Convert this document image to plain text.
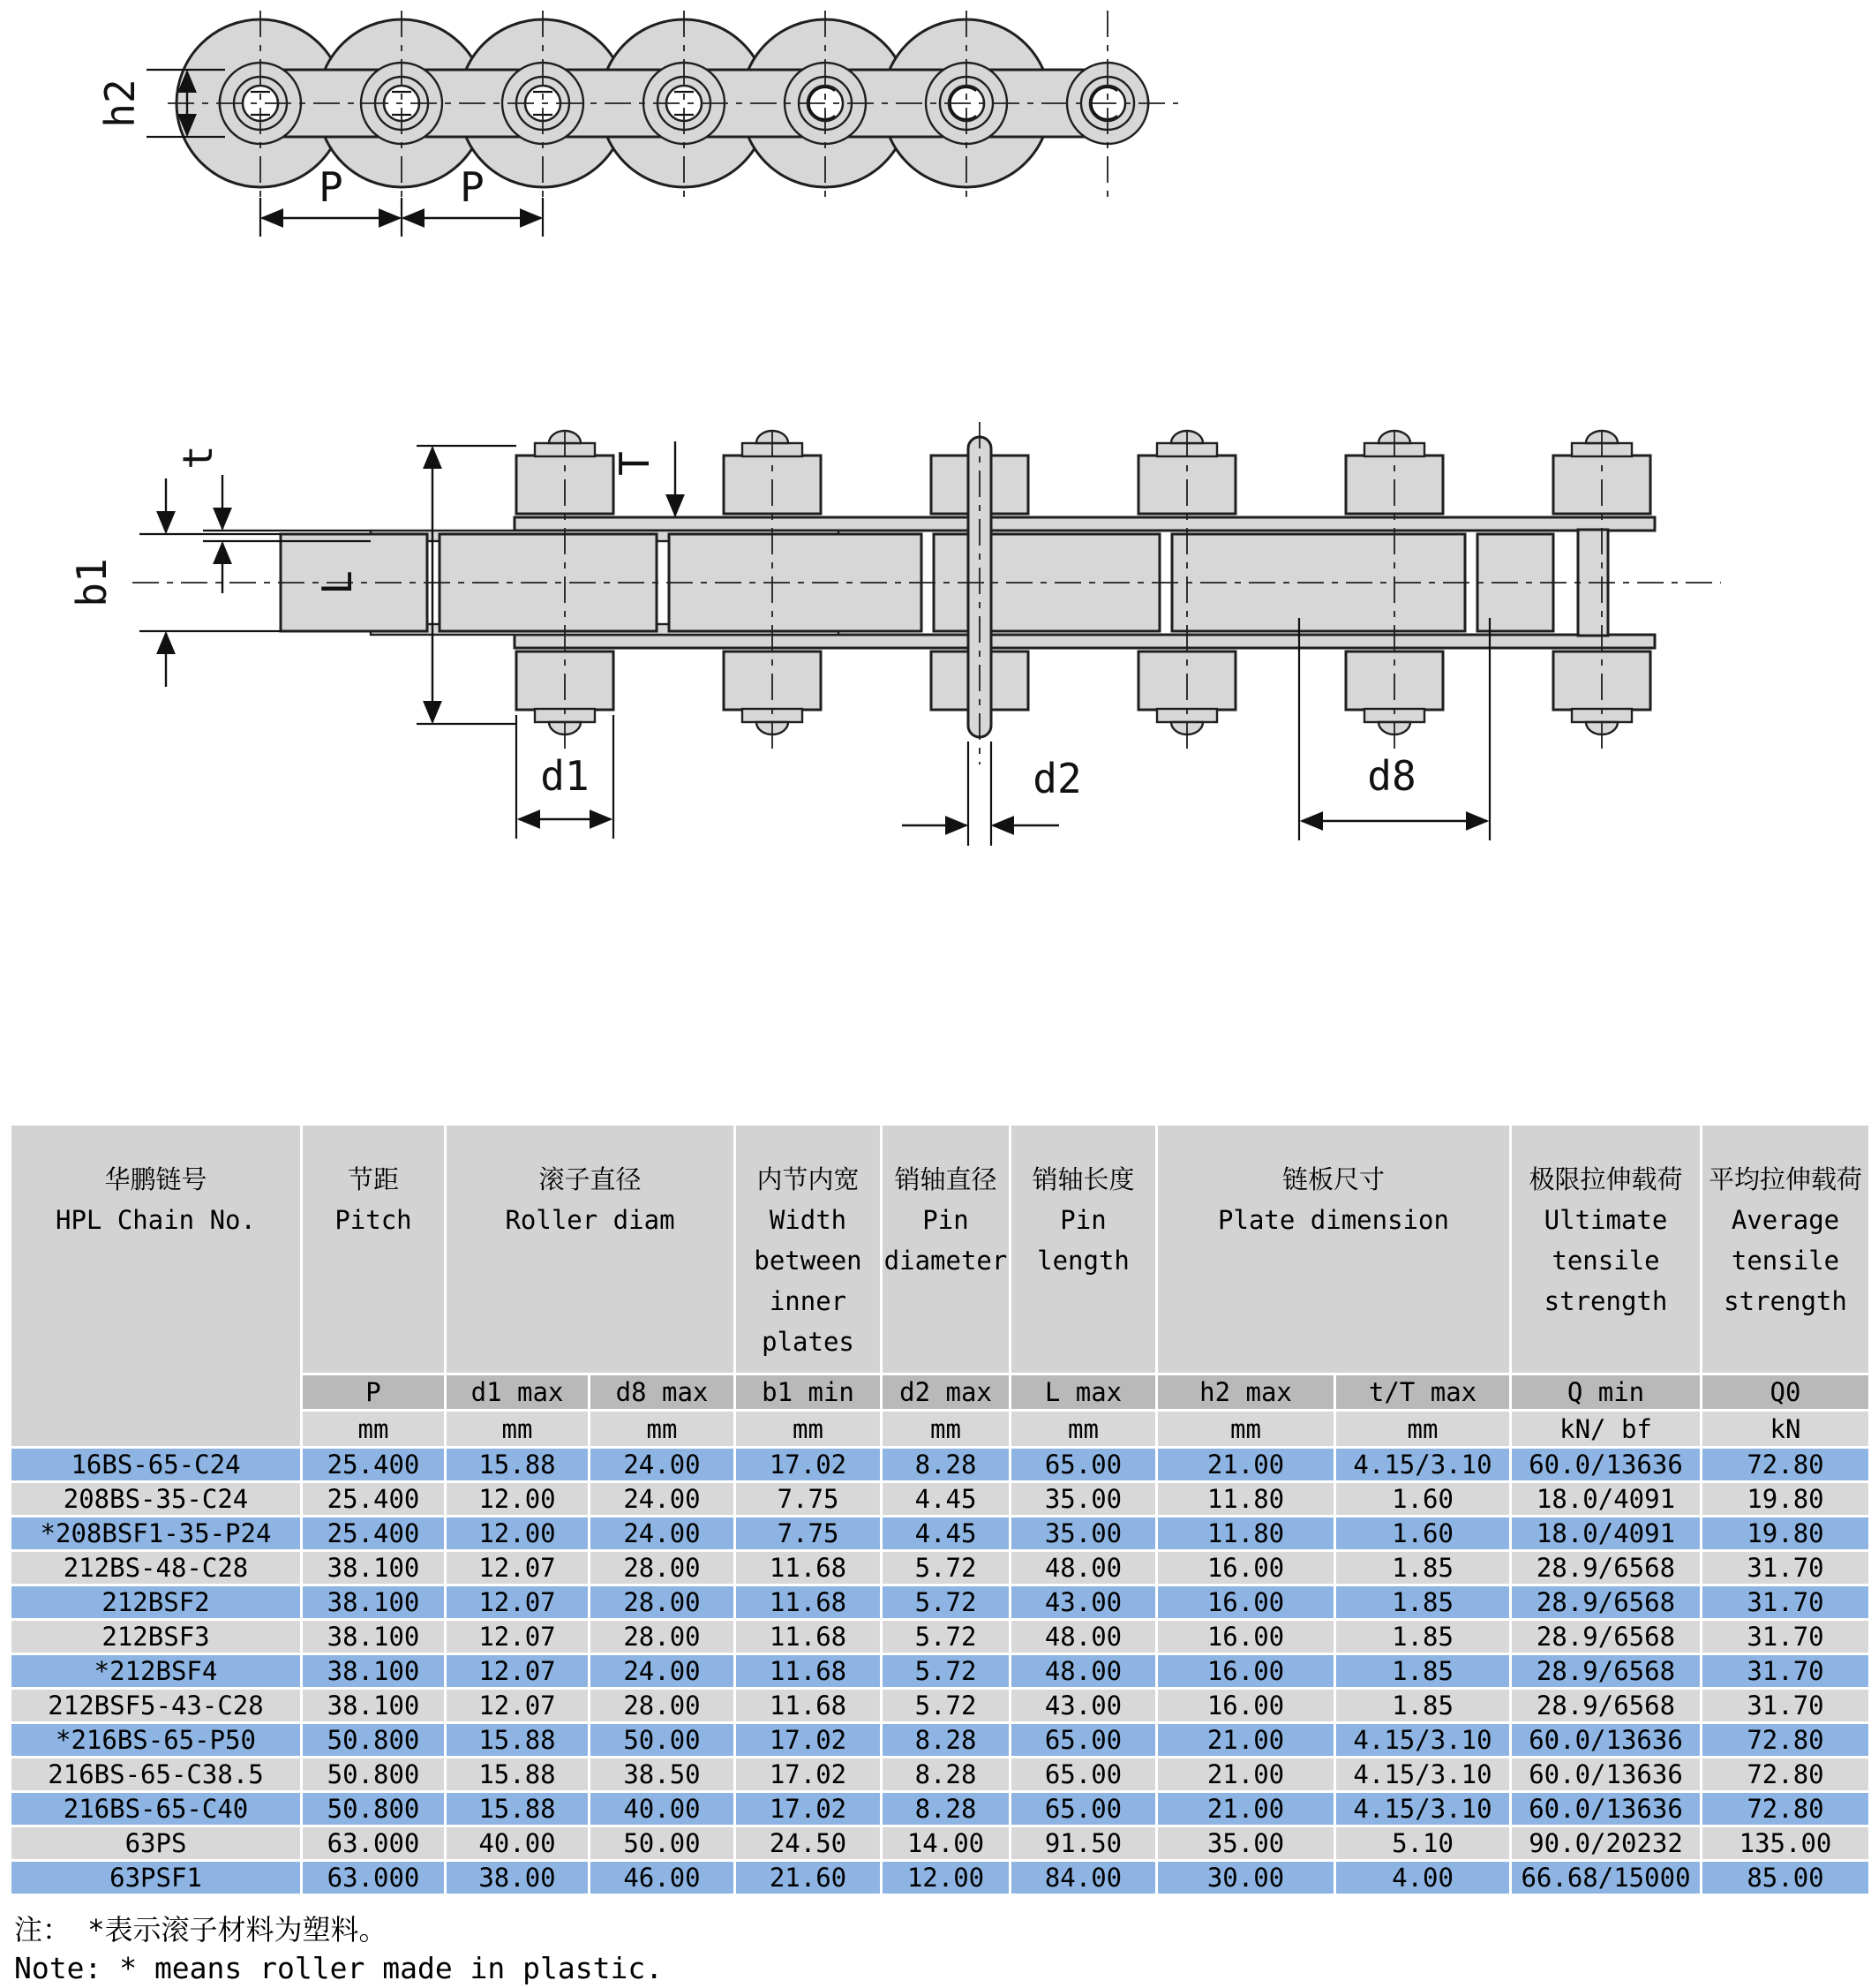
h2
P	P
t	T
b1	L
d1	d2	d8
华鹏链号
HPL Chain No.

节距
Pitch

滚子直径
Roller diam

内节内宽
Width between inner plates

销轴直径
Pin diameter

销轴长度
Pin length

链板尺寸
Plate dimension

极限拉伸载荷
Ultimate tensile strength

平均拉伸载荷
Average tensile strength

	P	d1 max	d8 max	b1 min	d2 max	L max	h2 max	t/T max	Q min	Q0
	mm	mm	mm	mm	mm	mm	mm	mm	kN/ bf	kN
16BS-65-C24	25.400	15.88	24.00	17.02	8.28	65.00	21.00	4.15/3.10	60.0/13636	72.80
208BS-35-C24	25.400	12.00	24.00	7.75	4.45	35.00	11.80	1.60	18.0/4091	19.80
*208BSF1-35-P24	25.400	12.00	24.00	7.75	4.45	35.00	11.80	1.60	18.0/4091	19.80
212BS-48-C28	38.100	12.07	28.00	11.68	5.72	48.00	16.00	1.85	28.9/6568	31.70
212BSF2	38.100	12.07	28.00	11.68	5.72	43.00	16.00	1.85	28.9/6568	31.70
212BSF3	38.100	12.07	28.00	11.68	5.72	48.00	16.00	1.85	28.9/6568	31.70
*212BSF4	38.100	12.07	24.00	11.68	5.72	48.00	16.00	1.85	28.9/6568	31.70
212BSF5-43-C28	38.100	12.07	28.00	11.68	5.72	43.00	16.00	1.85	28.9/6568	31.70
*216BS-65-P50	50.800	15.88	50.00	17.02	8.28	65.00	21.00	4.15/3.10	60.0/13636	72.80
216BS-65-C38.5	50.800	15.88	38.50	17.02	8.28	65.00	21.00	4.15/3.10	60.0/13636	72.80
216BS-65-C40	50.800	15.88	40.00	17.02	8.28	65.00	21.00	4.15/3.10	60.0/13636	72.80
63PS	63.000	40.00	50.00	24.50	14.00	91.50	35.00	5.10	90.0/20232	135.00
63PSF1	63.000	38.00	46.00	21.60	12.00	84.00	30.00	4.00	66.68/15000	85.00
注： *表示滚子材料为塑料。
Note: * means roller made in plastic.
